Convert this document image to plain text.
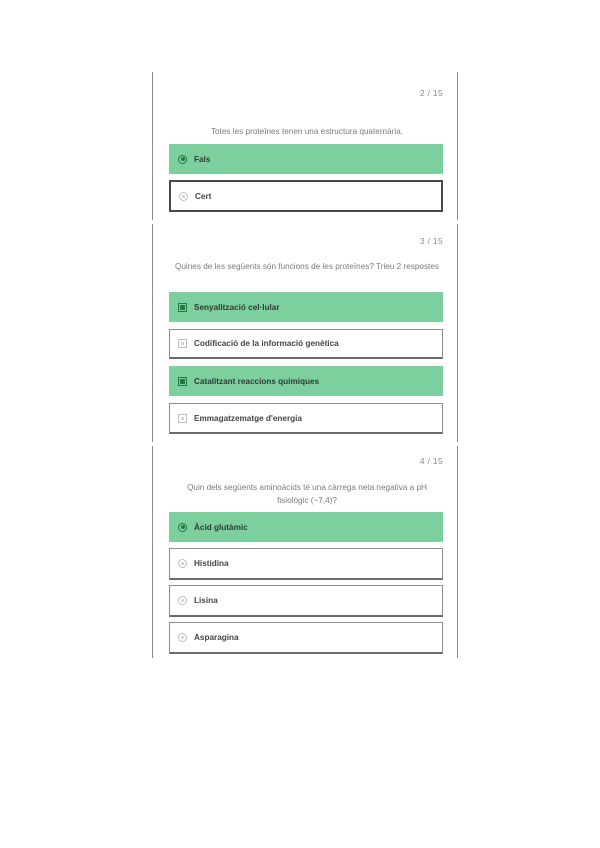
2 / 15
Totes les proteïnes tenen una estructura quaternària.
Fals
Cert
3 / 15
Quines de les següents són funcions de les proteïnes? Trieu 2 respostes
Senyalització cel·lular
Codificació de la informació genètica
Catalitzant reaccions químiques
Emmagatzematge d'energia
4 / 15
Quin dels següents aminoàcids té una càrrega neta negativa a pH fisiològic (~7,4)?
Àcid glutàmic
Histidina
Lisina
Asparagina
